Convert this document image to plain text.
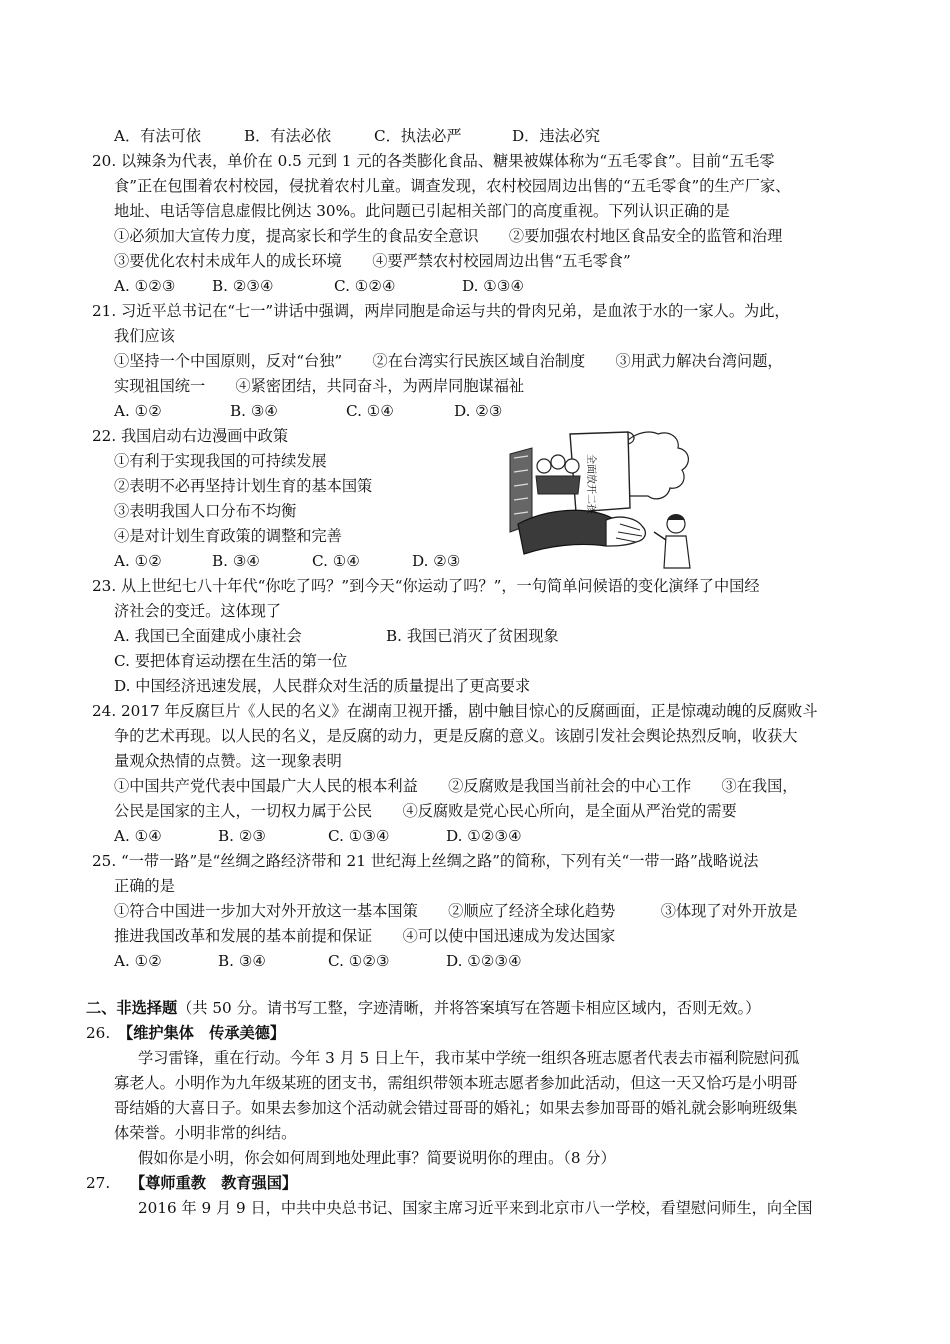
A．有法可依	B．有法必依	C．执法必严	D．违法必究
20. 以辣条为代表，单价在 0.5 元到 1 元的各类膨化食品、糖果被媒体称为“五毛零食”。目前“五毛零
食”正在包围着农村校园，侵扰着农村儿童。调查发现，农村校园周边出售的“五毛零食”的生产厂家、
地址、电话等信息虚假比例达 30%。此问题已引起相关部门的高度重视。下列认识正确的是
①必须加大宣传力度，提高家长和学生的食品安全意识　　②要加强农村地区食品安全的监管和治理
③要优化农村未成年人的成长环境　　④要严禁农村校园周边出售“五毛零食”
A. ①②③ B. ②③④	C. ①②④	D. ①③④
21. 习近平总书记在“七一”讲话中强调，两岸同胞是命运与共的骨肉兄弟，是血浓于水的一家人。为此，
我们应该
①坚持一个中国原则，反对“台独”　　②在台湾实行民族区域自治制度　　③用武力解决台湾问题，
实现祖国统一　　④紧密团结，共同奋斗，为两岸同胞谋福祉
A. ①②	B. ③④	C. ①④	D. ②③
22. 我国启动右边漫画中政策
①有利于实现我国的可持续发展
②表明不必再坚持计划生育的基本国策
③表明我国人口分布不均衡
④是对计划生育政策的调整和完善
A. ①②	B. ③④	C. ①④	D. ②③
全面放开二孩
23. 从上世纪七八十年代“你吃了吗？”到今天“你运动了吗？”，一句简单问候语的变化演绎了中国经
济社会的变迁。这体现了
A. 我国已全面建成小康社会	B. 我国已消灭了贫困现象
C. 要把体育运动摆在生活的第一位
D. 中国经济迅速发展，人民群众对生活的质量提出了更高要求
24. 2017 年反腐巨片《人民的名义》在湖南卫视开播，剧中触目惊心的反腐画面，正是惊魂动魄的反腐败斗
争的艺术再现。以人民的名义，是反腐的动力，更是反腐的意义。该剧引发社会舆论热烈反响，收获大
量观众热情的点赞。这一现象表明
①中国共产党代表中国最广大人民的根本利益　　②反腐败是我国当前社会的中心工作　　③在我国，
公民是国家的主人，一切权力属于公民　　④反腐败是党心民心所向，是全面从严治党的需要
A. ①④	B. ②③	C. ①③④	D. ①②③④
25. “一带一路”是“丝绸之路经济带和 21 世纪海上丝绸之路”的简称，下列有关“一带一路”战略说法
正确的是
①符合中国进一步加大对外开放这一基本国策　　②顺应了经济全球化趋势　　　③体现了对外开放是
推进我国改革和发展的基本前提和保证　　④可以使中国迅速成为发达国家
A. ①②	B. ③④	C. ①②③	D. ①②③④
二、非选择题（共 50 分。请书写工整，字迹清晰，并将答案填写在答题卡相应区域内，否则无效。）
26. 【维护集体　传承美德】
学习雷锋，重在行动。今年 3 月 5 日上午，我市某中学统一组织各班志愿者代表去市福利院慰问孤
寡老人。小明作为九年级某班的团支书，需组织带领本班志愿者参加此活动，但这一天又恰巧是小明哥
哥结婚的大喜日子。如果去参加这个活动就会错过哥哥的婚礼；如果去参加哥哥的婚礼就会影响班级集
体荣誉。小明非常的纠结。
假如你是小明，你会如何周到地处理此事？简要说明你的理由。（8 分）
27. 【尊师重教　教育强国】
2016 年 9 月 9 日，中共中央总书记、国家主席习近平来到北京市八一学校，看望慰问师生，向全国
